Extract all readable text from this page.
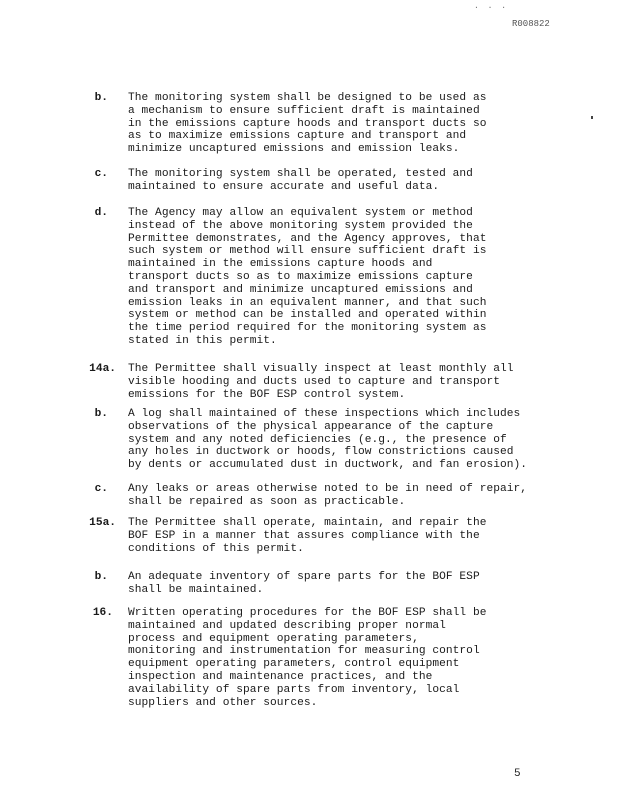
. . .
R008822
b. The monitoring system shall be designed to be used as
a mechanism to ensure sufficient draft is maintained
in the emissions capture hoods and transport ducts so
as to maximize emissions capture and transport and
minimize uncaptured emissions and emission leaks.
c. The monitoring system shall be operated, tested and
maintained to ensure accurate and useful data.
d. The Agency may allow an equivalent system or method
instead of the above monitoring system provided the
Permittee demonstrates, and the Agency approves, that
such system or method will ensure sufficient draft is
maintained in the emissions capture hoods and
transport ducts so as to maximize emissions capture
and transport and minimize uncaptured emissions and
emission leaks in an equivalent manner, and that such
system or method can be installed and operated within
the time period required for the monitoring system as
stated in this permit.
14a. The Permittee shall visually inspect at least monthly all
visible hooding and ducts used to capture and transport
emissions for the BOF ESP control system.
b. A log shall maintained of these inspections which includes
observations of the physical appearance of the capture
system and any noted deficiencies (e.g., the presence of
any holes in ductwork or hoods, flow constrictions caused
by dents or accumulated dust in ductwork, and fan erosion).
c. Any leaks or areas otherwise noted to be in need of repair,
shall be repaired as soon as practicable.
15a. The Permittee shall operate, maintain, and repair the
BOF ESP in a manner that assures compliance with the
conditions of this permit.
b. An adequate inventory of spare parts for the BOF ESP
shall be maintained.
16. Written operating procedures for the BOF ESP shall be
maintained and updated describing proper normal
process and equipment operating parameters,
monitoring and instrumentation for measuring control
equipment operating parameters, control equipment
inspection and maintenance practices, and the
availability of spare parts from inventory, local
suppliers and other sources.
5
